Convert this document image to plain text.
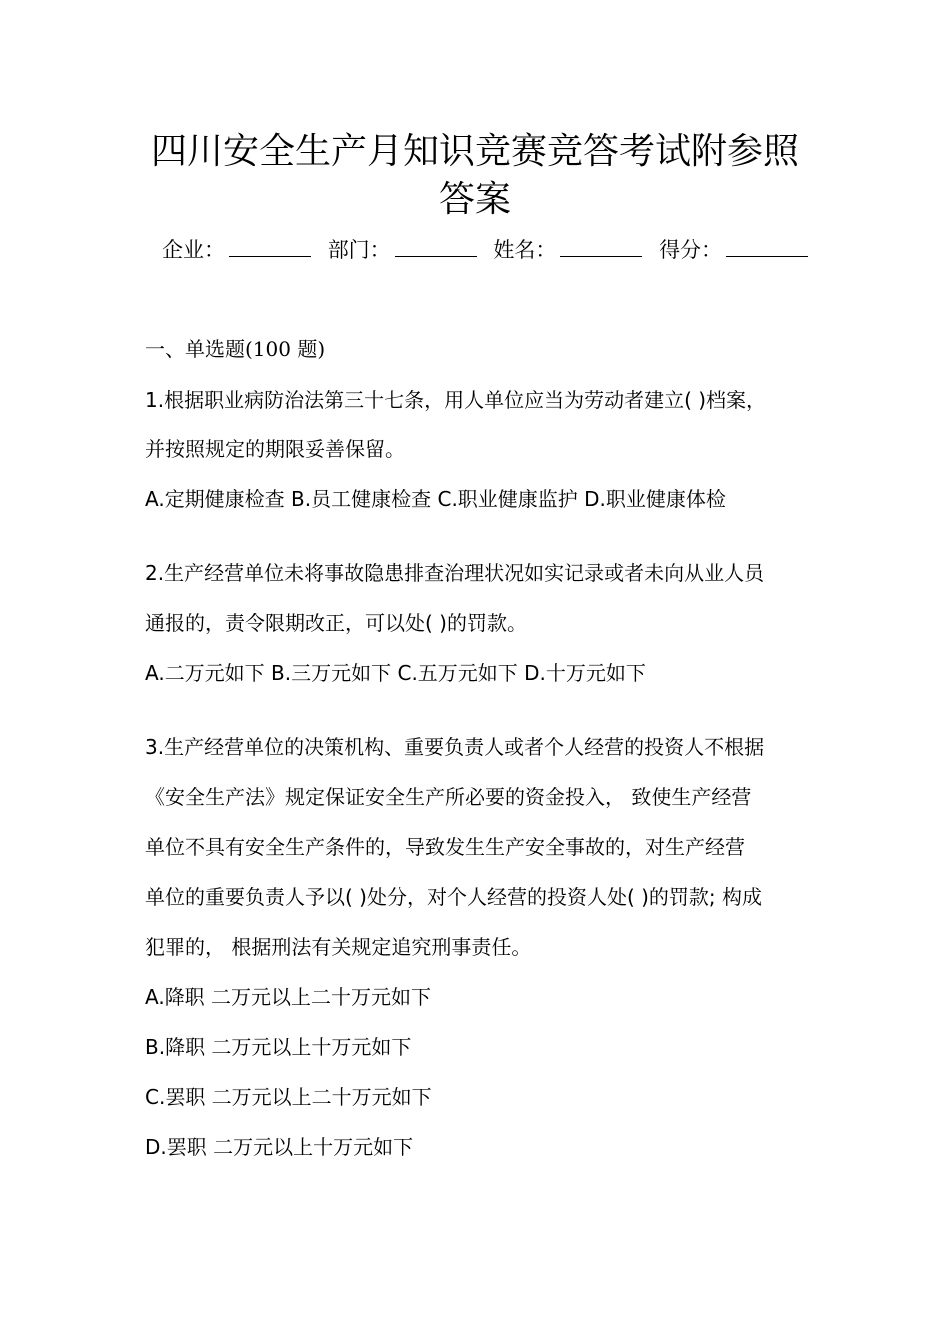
四川安全生产月知识竞赛竞答考试附参照
答案
企业：	部门：	姓名：	得分：
一、单选题(100 题)
1.根据职业病防治法第三十七条，用人单位应当为劳动者建立( )档案，
并按照规定的期限妥善保留。
A.定期健康检查 B.员工健康检查 C.职业健康监护 D.职业健康体检
2.生产经营单位未将事故隐患排查治理状况如实记录或者未向从业人员
通报的，责令限期改正，可以处( )的罚款。
A.二万元如下 B.三万元如下 C.五万元如下 D.十万元如下
3.生产经营单位的决策机构、重要负责人或者个人经营的投资人不根据
《安全生产法》规定保证安全生产所必要的资金投入， 致使生产经营
单位不具有安全生产条件的，导致发生生产安全事故的，对生产经营
单位的重要负责人予以( )处分，对个人经营的投资人处( )的罚款; 构成
犯罪的， 根据刑法有关规定追究刑事责任。
A.降职 二万元以上二十万元如下
B.降职 二万元以上十万元如下
C.罢职 二万元以上二十万元如下
D.罢职 二万元以上十万元如下
